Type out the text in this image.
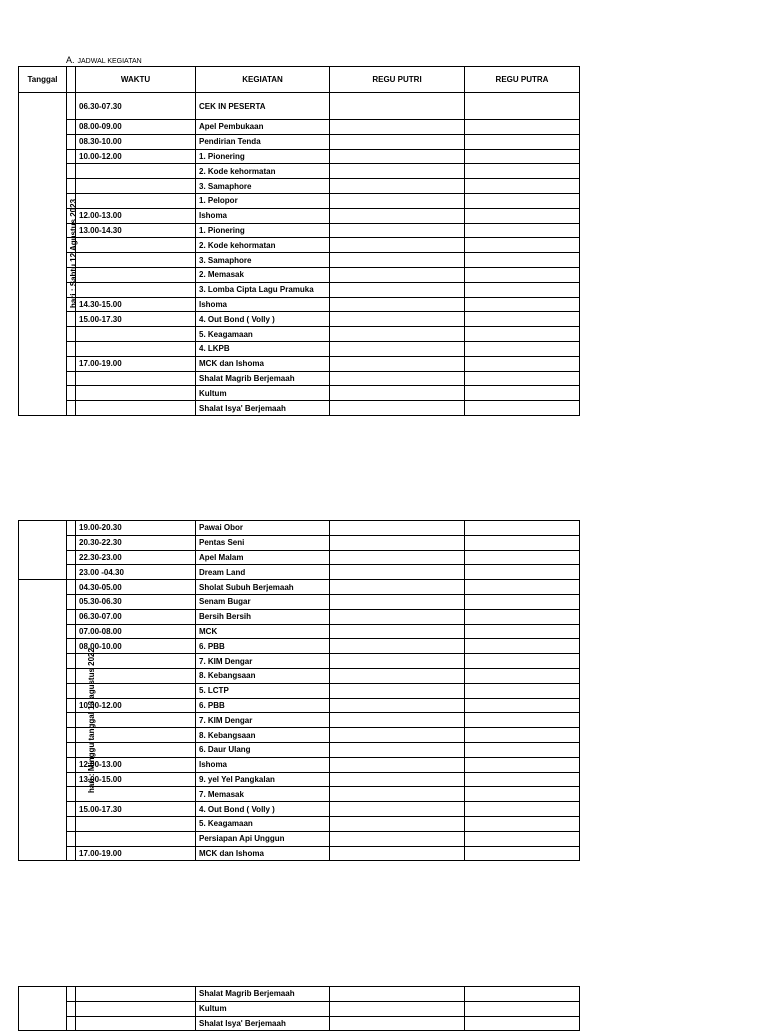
A. JADWAL KEGIATAN
Tanggal		WAKTU	KEGIATAN	REGU PUTRI	REGU PUTRA
hari : Sabtu 12 Agustus 2023		06.30-07.30	CEK IN PESERTA		
		08.00-09.00	Apel Pembukaan		
		08.30-10.00	Pendirian Tenda		
		10.00-12.00	1. Pionering		
			2. Kode kehormatan		
			3. Samaphore		
			1. Pelopor		
		12.00-13.00	Ishoma		
		13.00-14.30	1. Pionering		
			2. Kode kehormatan		
			3. Samaphore		
			2. Memasak		
			3. Lomba Cipta Lagu Pramuka		
		14.30-15.00	Ishoma		
		15.00-17.30	4. Out Bond ( Volly )		
			5. Keagamaan		
			4. LKPB		
		17.00-19.00	MCK dan Ishoma		
			Shalat Magrib Berjemaah		
			Kultum		
			Shalat Isya' Berjemaah		
		19.00-20.30	Pawai Obor		
		20.30-22.30	Pentas Seni		
		22.30-23.00	Apel Malam		
		23.00 -04.30	Dream Land		
hari : Minggu tanggal 13 agustus 2022		04.30-05.00	Sholat Subuh Berjemaah		
		05.30-06.30	Senam Bugar		
		06.30-07.00	Bersih Bersih		
		07.00-08.00	MCK		
		08.00-10.00	6. PBB		
			7. KIM Dengar		
			8. Kebangsaan		
			5. LCTP		
		10.00-12.00	6. PBB		
			7. KIM Dengar		
			8. Kebangsaan		
			6. Daur Ulang		
		12.00-13.00	Ishoma		
		13.00-15.00	9. yel Yel Pangkalan		
			7. Memasak		
		15.00-17.30	4. Out Bond ( Volly )		
			5. Keagamaan		
			Persiapan Api Unggun		
		17.00-19.00	MCK dan Ishoma		
			Shalat Magrib Berjemaah		
			Kultum		
			Shalat Isya' Berjemaah		
